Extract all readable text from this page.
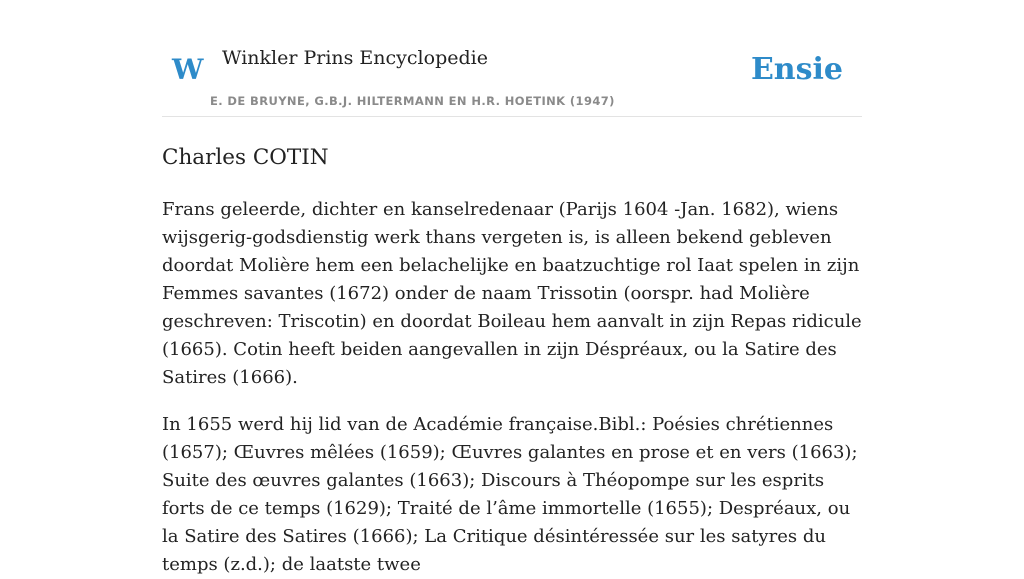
W Winkler Prins Encyclopedie
E. DE BRUYNE, G.B.J. HILTERMANN EN H.R. HOETINK (1947)
Ensie
Charles COTIN

Frans geleerde, dichter en kanselredenaar (Parijs 1604 -Jan. 1682), wiens wijsgerig-godsdienstig werk thans vergeten is, is alleen bekend gebleven doordat Molière hem een belachelijke en baatzuchtige rol Iaat spelen in zijn Femmes savantes (1672) onder de naam Trissotin (oorspr. had Molière geschreven: Triscotin) en doordat Boileau hem aanvalt in zijn Repas ridicule (1665). Cotin heeft beiden aangevallen in zijn Déspréaux, ou la Satire des Satires (1666).

In 1655 werd hij lid van de Académie française.Bibl.: Poésies chrétiennes (1657); Œuvres mêlées (1659); Œuvres galantes en prose et en vers (1663); Suite des œuvres galantes (1663); Discours à Théopompe sur les esprits forts de ce temps (1629); Traité de l’âme immortelle (1655); Despréaux, ou la Satire des Satires (1666); La Critique désintéressée sur les satyres du temps (z.d.); de laatste twee
